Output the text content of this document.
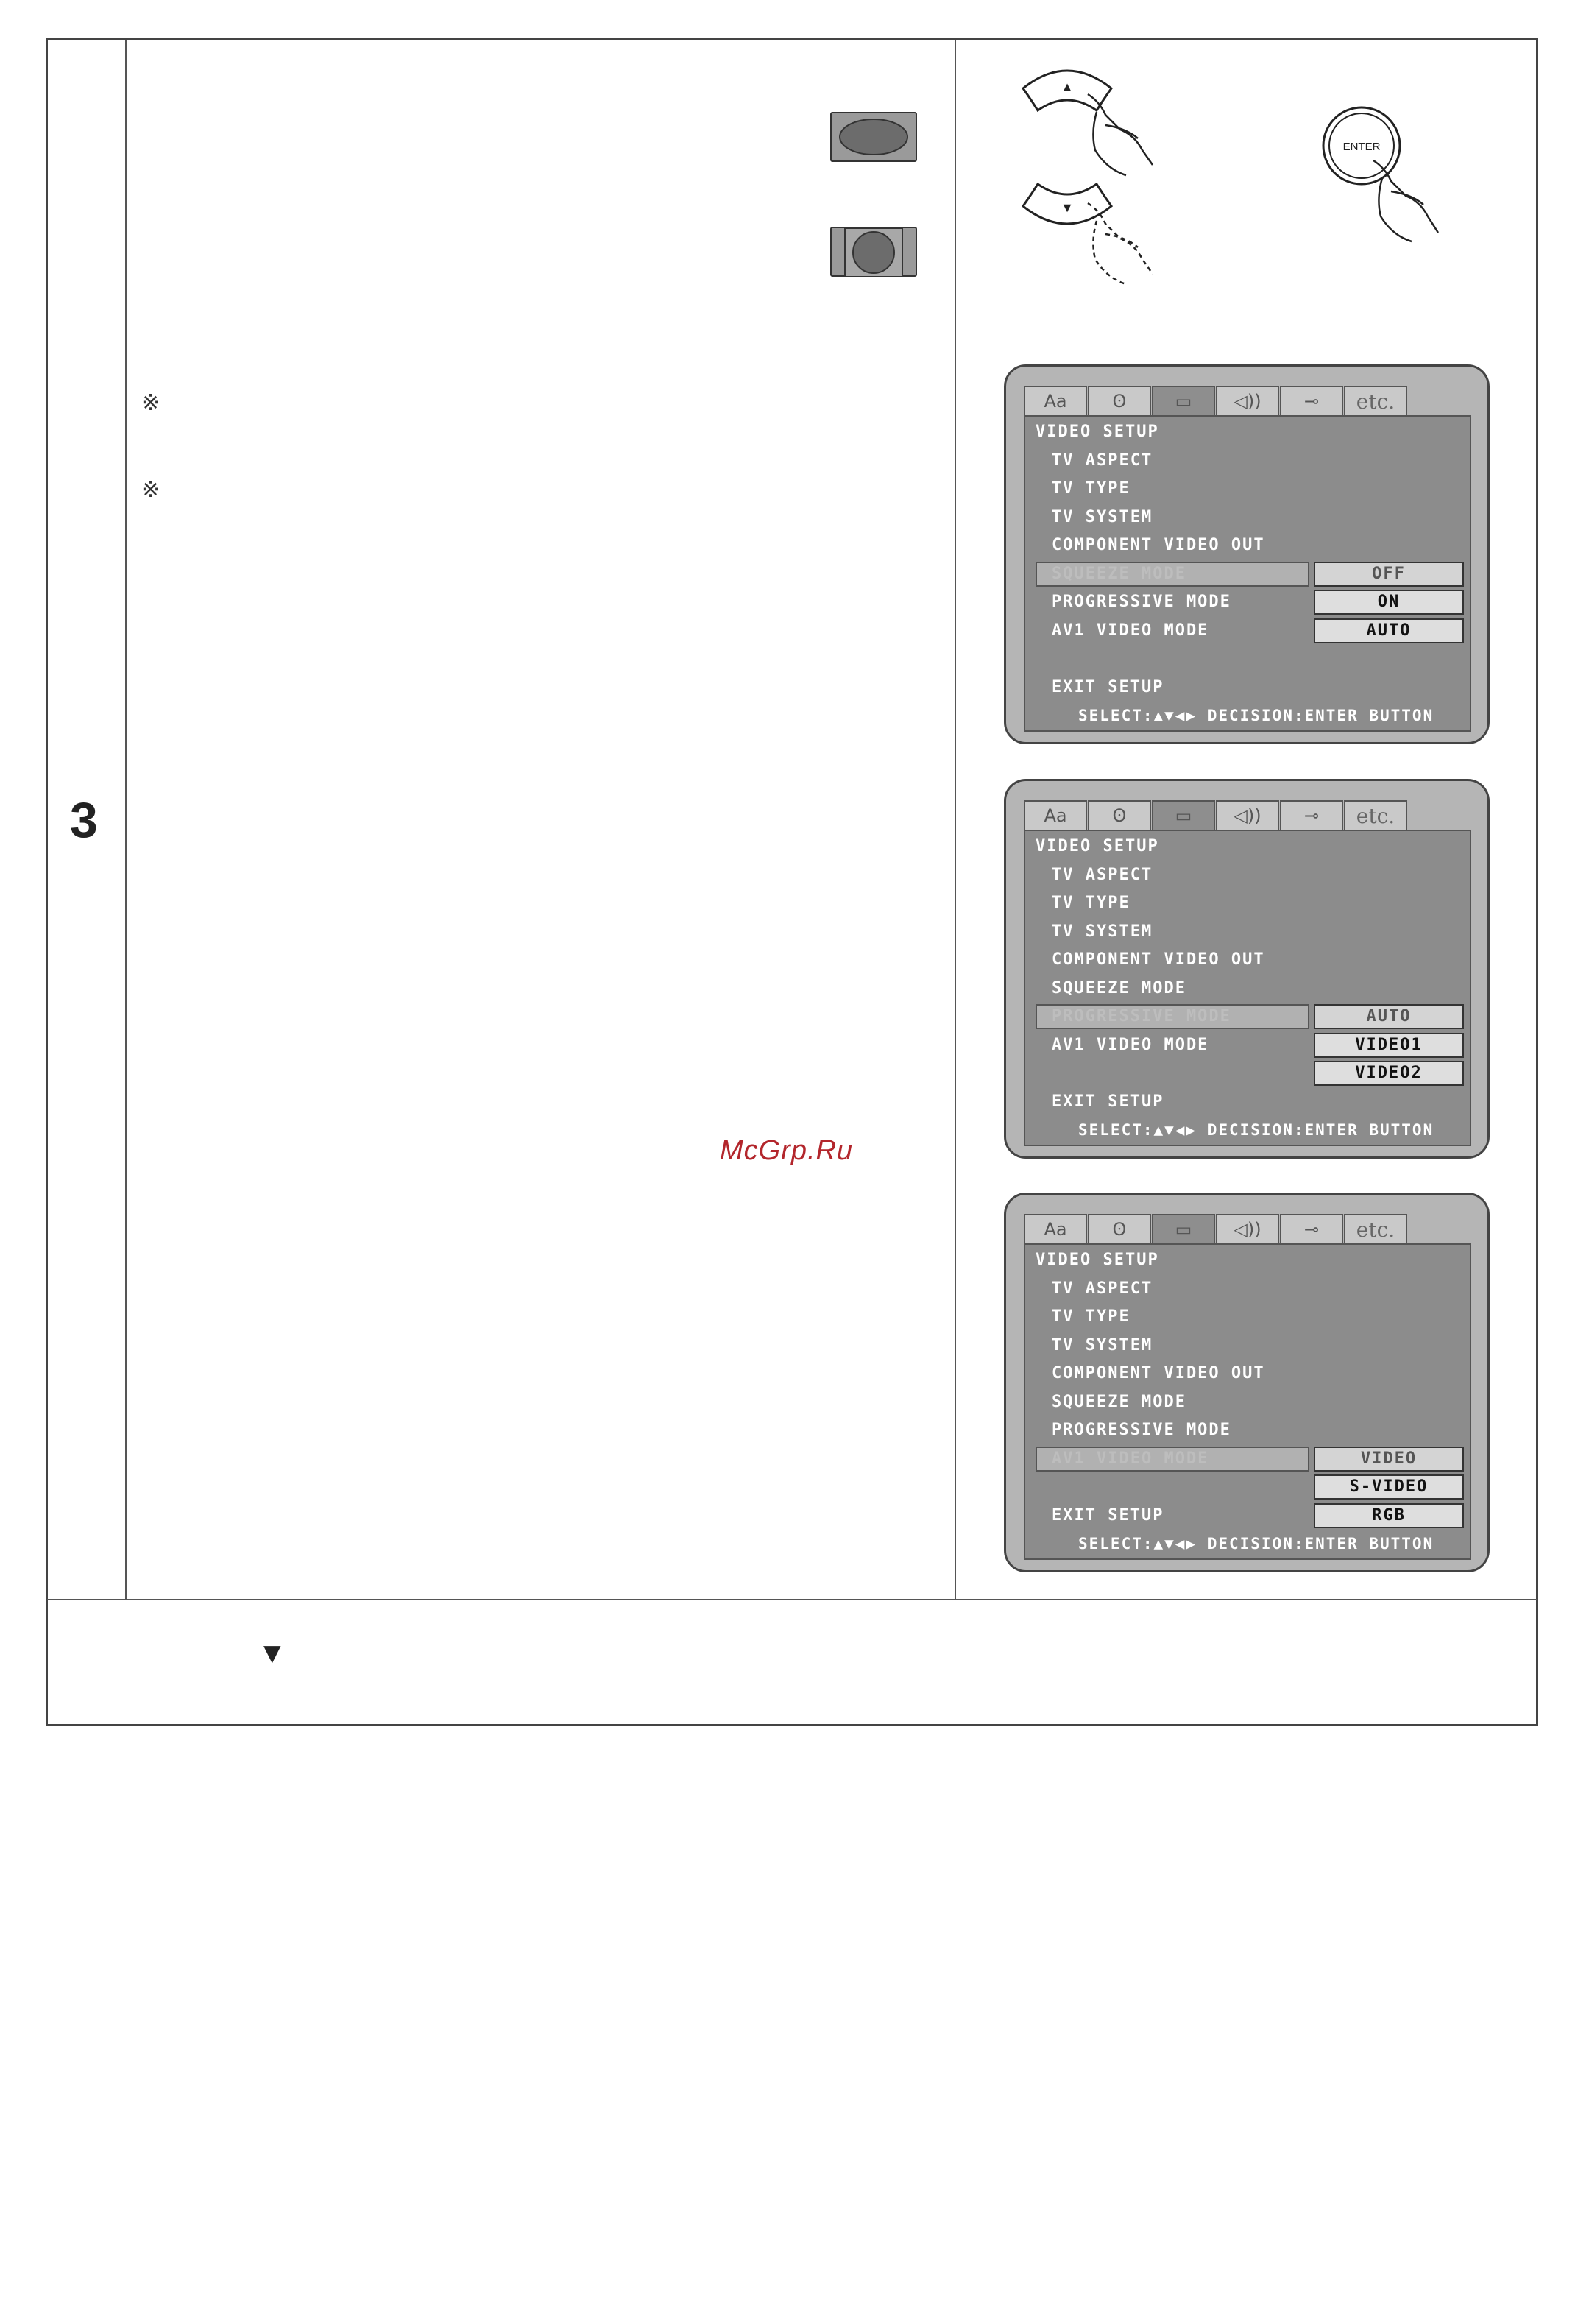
3
※
※
McGrp.Ru
▼
▲
▼
ENTER
Aa	ʘ	▭	◁))	⊸	etc.
VIDEO SETUP
TV ASPECT
TV TYPE
TV SYSTEM
COMPONENT VIDEO OUT
SQUEEZE MODE
PROGRESSIVE MODE
AV1 VIDEO MODE
EXIT SETUP
OFF
ON
AUTO
SELECT:▲▼◀▶ DECISION:ENTER BUTTON
Aa	ʘ	▭	◁))	⊸	etc.
VIDEO SETUP
TV ASPECT
TV TYPE
TV SYSTEM
COMPONENT VIDEO OUT
SQUEEZE MODE
PROGRESSIVE MODE
AV1 VIDEO MODE
EXIT SETUP
AUTO
VIDEO1
VIDEO2
SELECT:▲▼◀▶ DECISION:ENTER BUTTON
Aa	ʘ	▭	◁))	⊸	etc.
VIDEO SETUP
TV ASPECT
TV TYPE
TV SYSTEM
COMPONENT VIDEO OUT
SQUEEZE MODE
PROGRESSIVE MODE
AV1 VIDEO MODE
EXIT SETUP
VIDEO
S-VIDEO
RGB
SELECT:▲▼◀▶ DECISION:ENTER BUTTON
